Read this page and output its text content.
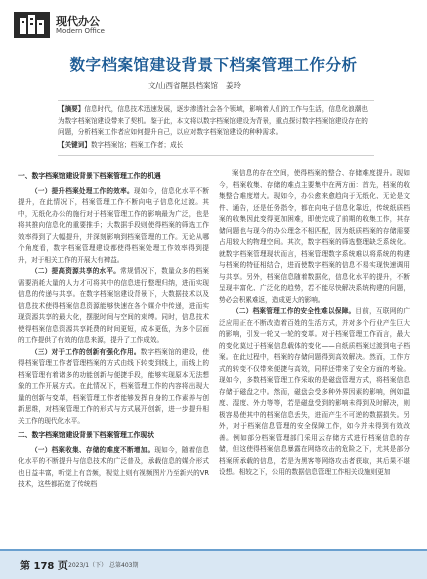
现代办公
Modern Office
数字档案馆建设背景下档案管理工作分析
文/山西省隰县档案馆 姜玲
【摘要】信息时代，信息技术迅速发展，逐步渗透社会各个领域，影响着人们的工作与生活，信息化浪潮也为数字档案馆建设带来了契机。鉴于此，本文将以数字档案馆建设为背景，重点探讨数字档案馆建设存在的问题，分析档案工作者应如何提升自己，以应对数字档案馆建设的种种需求。
【关键词】数字档案馆；档案工作者；成长
一、数字档案馆建设背景下档案管理工作的机遇

（一）提升档案处理工作的效率。现如今，信息化水平不断提升，在此情况下，档案管理工作不断向电子信息化过渡。其中，无纸化办公的施行对于档案管理工作的影响最为广泛，也是将其推向信息化的重要推手；大数据手段则使得档案的筛选工作效率得到了大幅提升，并深刻影响到档案管理的工作。无论从哪个角度看，数字档案管理建设都使得档案处理工作效率得到提升，对于相关工作的开展大有裨益。

（二）提高资源共享的水平。常规情况下，数量众多的档案需要消耗大量的人力才可将其中的信息进行整理归纳，进而实现信息的传递与共享。在数字档案馆建设背景下，大数据技术以及信息技术使得档案信息资源能够快速在各个媒介中传递，进而实现资源共享的最大化，摆脱时间与空间的束缚。同时，信息技术使得档案信息资源共享耗费的时间更短，成本更低，为多个层面的工作提供了有效的信息来源，提升了工作成效。

（三）对于工作的创新有强化作用。数字档案馆的建设，使得档案管理工作者管理档案的方式由线下转变到线上，而线上的档案管理有着诸多的功能创新与便捷手段，能够实现原本无法想象的工作开展方式。在此情况下，档案管理工作的内容将出现大量的创新与变革，档案管理工作者能够发挥自身的工作素养与创新思维，对档案管理工作的形式与方式展开创新，进一步提升相关工作的现代化水平。

二、数字档案馆建设背景下档案管理工作现状

（一）档案收集、存储的难度不断增加。现如今，随着信息化水平的不断提升与信息技术的广泛普及，承载信息的媒介形式也日益丰富，听觉上有音频，视觉上则有视频图片乃至新兴的VR技术，这些都拓宽了传统档

案信息的存在空间，使得档案的整合、存储难度提升。现如今，档案收集、存储的难点主要集中在两方面：首先，档案的收集整合难度增大。现如今，办公愈来愈趋向于无纸化、无论是文件、通告，还是任务指令，都在向电子信息化靠近，传统纸质档案的收集因此变得更加困难，即使完成了前期的收集工作，其存储问题也与现今的办公理念不相匹配，因为纸质档案的存储需要占用较大的物理空间。其次，数字档案的筛选整理缺乏系统化。就数字档案管理现状而言，档案管理数字系统难以将系统的构建与档案的特征相结合，进而使数字档案的信息不易实现快速调用与共享。另外，档案信息随着数据化，信息化水平的提升，不断呈现丰富化、广泛化的趋势，若不能尽快解决系统构建的问题，势必会积累难返，造成更大的影响。

（二）档案管理工作的安全性难以保障。目前，互联网的广泛应用正在不断改造着百姓的生活方式，并对多个行业产生巨大的影响，引发一轮又一轮的变革。对于档案管理工作而言，最大的变化莫过于档案信息载体的变化——自纸质档案过渡到电子档案。在此过程中，档案的存储问题得到高效解决。然而，工作方式的转变不仅带来便捷与高效，同样还带来了安全方面的考验。现如今，多数档案管理工作采取的是磁盘管理方式，将档案信息存储于磁盘之中。然而，磁盘会受多种外界因素的影响，例如温度、湿度、外力等等，若是磁盘受到的影响未得到及时解决，则极容易使其中的档案信息丢失，进而产生不可逆的数据损失。另外，对于档案信息管理的安全保障工作，如今并未得到有效改善。例如部分档案管理部门采用云存储方式进行档案信息的存储，但这使得档案信息暴露在网络攻击的危险之下，尤其是部分档案所承载的信息，若是为黑客等网络攻击者获取，其后果不堪设想。相较之下，公用的数据信息管理工作相关设施则更加

第 178 页 2023/1（下） 总第403期
